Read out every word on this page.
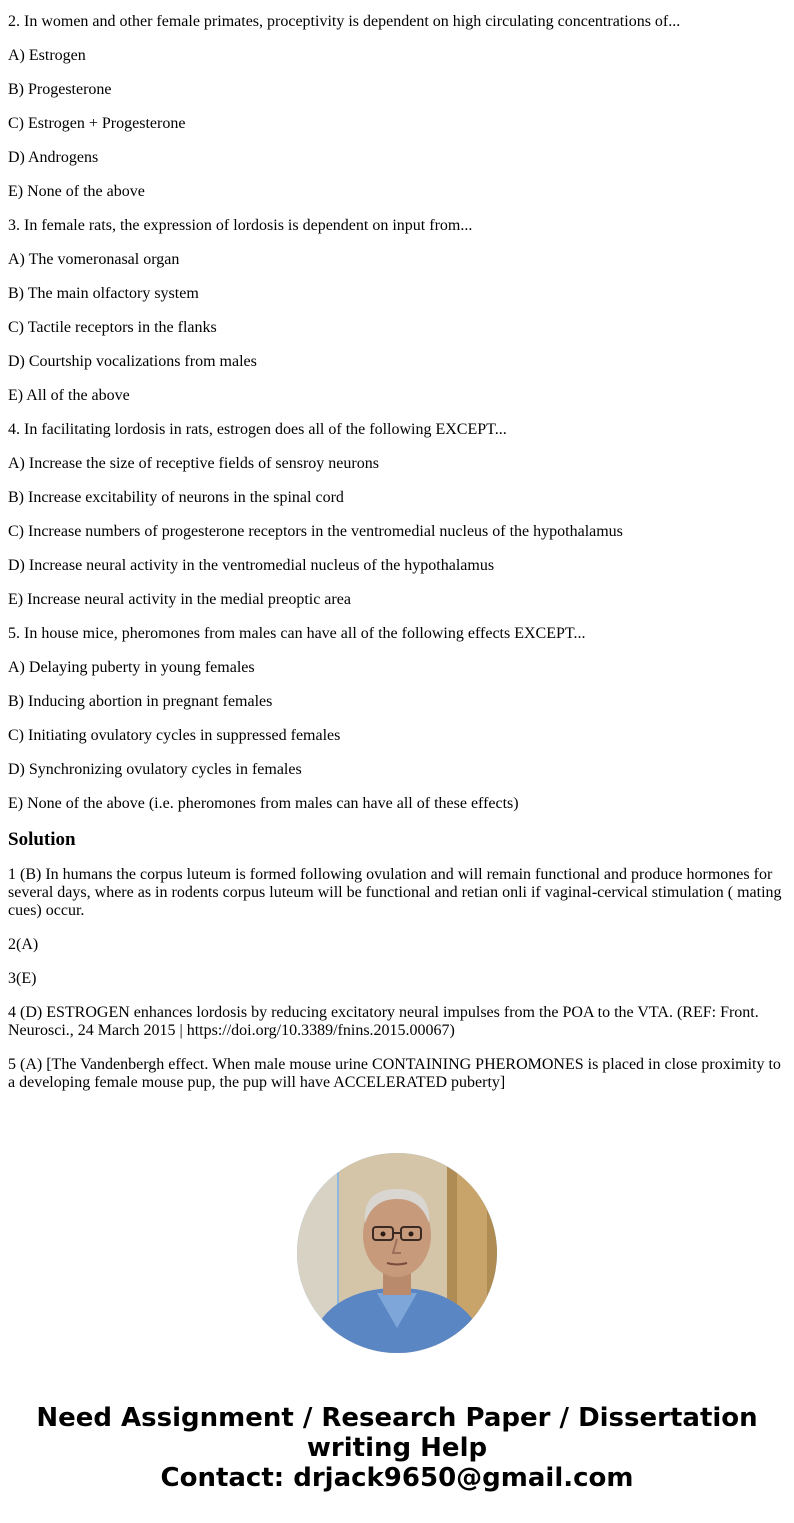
2. In women and other female primates, proceptivity is dependent on high circulating concentrations of...

A) Estrogen

B) Progesterone

C) Estrogen + Progesterone

D) Androgens

E) None of the above

3. In female rats, the expression of lordosis is dependent on input from...

A) The vomeronasal organ

B) The main olfactory system

C) Tactile receptors in the flanks

D) Courtship vocalizations from males

E) All of the above

4. In facilitating lordosis in rats, estrogen does all of the following EXCEPT...

A) Increase the size of receptive fields of sensroy neurons

B) Increase excitability of neurons in the spinal cord

C) Increase numbers of progesterone receptors in the ventromedial nucleus of the hypothalamus

D) Increase neural activity in the ventromedial nucleus of the hypothalamus

E) Increase neural activity in the medial preoptic area

5. In house mice, pheromones from males can have all of the following effects EXCEPT...

A) Delaying puberty in young females

B) Inducing abortion in pregnant females

C) Initiating ovulatory cycles in suppressed females

D) Synchronizing ovulatory cycles in females

E) None of the above (i.e. pheromones from males can have all of these effects)

Solution

1 (B) In humans the corpus luteum is formed following ovulation and will remain functional and produce hormones for several days, where as in rodents corpus luteum will be functional and retian onli if vaginal-cervical stimulation ( mating cues) occur.

2(A)

3(E)

4 (D) ESTROGEN enhances lordosis by reducing excitatory neural impulses from the POA to the VTA. (REF: Front. Neurosci., 24 March 2015 | https://doi.org/10.3389/fnins.2015.00067)

5 (A) [The Vandenbergh effect. When male mouse urine CONTAINING PHEROMONES is placed in close proximity to a developing female mouse pup, the pup will have ACCELERATED puberty]

Need Assignment / Research Paper / Dissertation
writing Help
Contact: drjack9650@gmail.com
